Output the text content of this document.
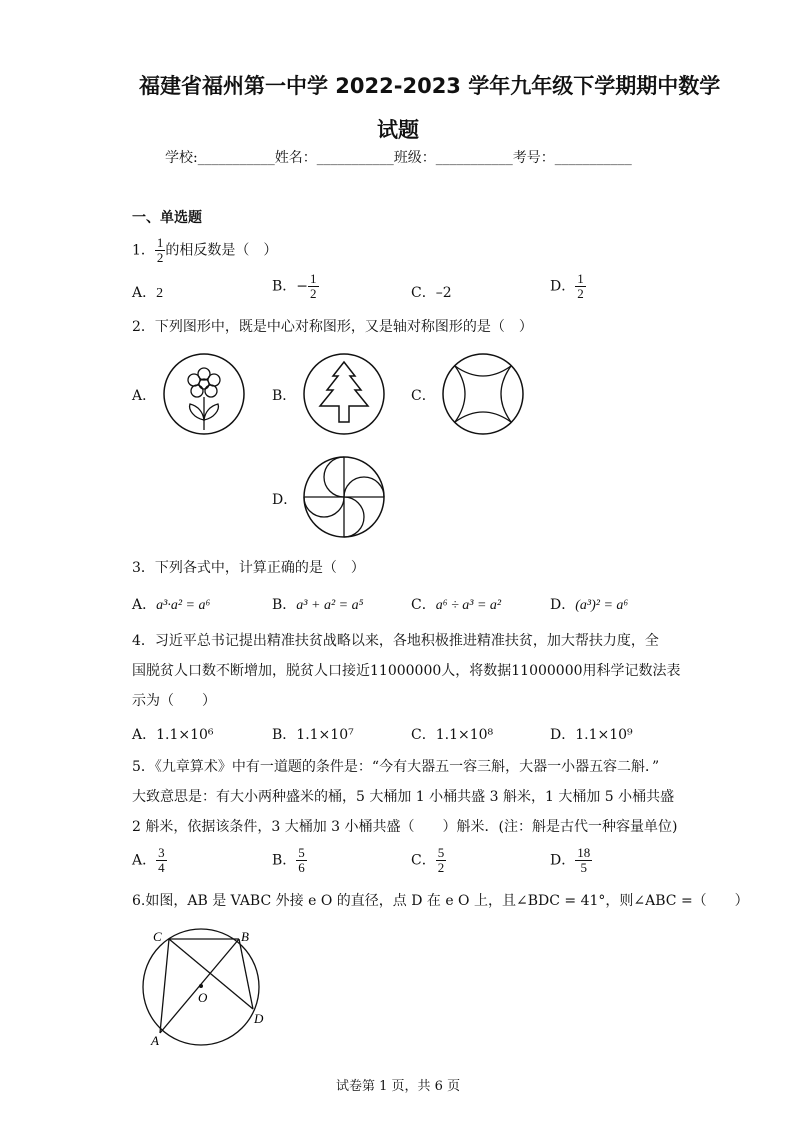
福建省福州第一中学 2022-2023 学年九年级下学期期中数学
试题
学校:___________姓名：___________班级：___________考号：___________
一、单选题
1． $\frac{1}{2}$ 的相反数是（　）
A．2	B．− $\frac{1}{2}$	C．–2	D． $\frac{1}{2}$
2．下列图形中，既是中心对称图形，又是轴对称图形的是（　）
A．	B．	C．
D．
3．下列各式中，计算正确的是（　）
A．a³·a² = a⁶	B．a³ + a² = a⁵	C．a⁶ ÷ a³ = a²	D．(a³)² = a⁶
4．习近平总书记提出精准扶贫战略以来，各地积极推进精准扶贫，加大帮扶力度，全
国脱贫人口数不断增加，脱贫人口接近11000000人，将数据11000000用科学记数法表
示为（　　）
A．1.1×10⁶	B．1.1×10⁷	C．1.1×10⁸	D．1.1×10⁹
5．《九章算术》中有一道题的条件是：“今有大器五一容三斛，大器一小器五容二斛．”
大致意思是：有大小两种盛米的桶，5 大桶加 1 小桶共盛 3 斛米，1 大桶加 5 小桶共盛
2 斛米，依据该条件，3 大桶加 3 小桶共盛（　　）斛米．(注：斛是古代一种容量单位)
A． $\frac{3}{4}$	B． $\frac{5}{6}$	C． $\frac{5}{2}$	D． $\frac{18}{5}$
6.如图，AB 是 VABC 外接 e O 的直径，点 D 在 e O 上，且∠BDC = 41°，则∠ABC =（　　）
C	B
O
D
A
试卷第 1 页，共 6 页
